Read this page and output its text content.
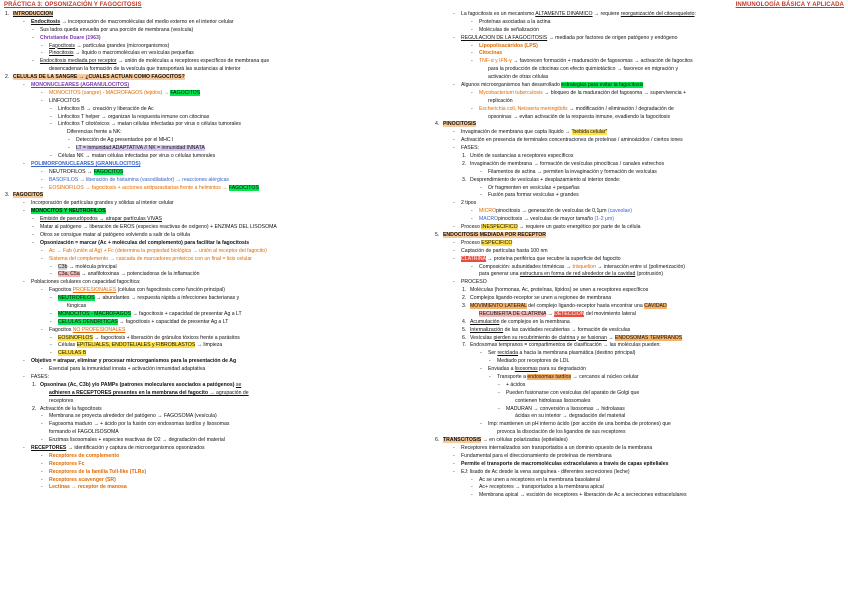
PRÁCTICA 3: OPSONIZACIÓN Y FAGOCITOSIS	INMUNOLOGÍA BÁSICA Y APLICADA
1. INTRODUCCIÓN
- Endocitosis → incorporación de macromoléculas del medio externo en el interior celular
- Sus lados queda envuelta por una porción de membrana (vesícula)
- Christiande Duare (1963)
- Fagocitosis → partículas grandes (microorganismos)
- Pinocitosis → líquido o macromoléculas en vesículas pequeñas
- Endocitosis mediada por receptor → unión de moléculas a receptores específicos de membrana que
desencadenan la formación de la vesícula que transportará las sustancias al interior
2. CÉLULAS DE LA SANGRE → ¿CUÁLES ACTÚAN COMO FAGOCITOS?
- MONONUCLEARES (AGRANULOCITOS)
- MONOCITOS (sangre) - MACRÓFAGOS (tejidos) → FAGOCITOS
- LINFOCITOS
- Linfocitos B → creación y liberación de Ac
- Linfocitos T helper → organizan la respuesta inmune con citocinas
- Linfocitos T citotóxicos → matan células infectadas por virus o células tumorales
Diferencias frente a NK:
- Detección de Ag presentados por el MHC I
- LT = inmunidad ADAPTATIVA // NK = inmunidad INNATA
- Células NK → matan células infectadas por virus o células tumorales
- POLIMORFONUCLEARES (GRANULOCITOS)
- NEUTRÓFILOS → FAGOCITOS
- BASÓFILOS → liberación de histamina (vasodilatador) → reacciones alérgicas
- EOSINÓFILOS → fagocitosis + acciones antiparasitarias frente a helmintos → FAGOCITOS
3. FAGOCITOS
- Incorporación de partículas grandes y sólidas al interior celular
- MONOCITOS Y NEUTRÓFILOS
- Emisión de pseudópodos → atrapar partículas VIVAS
- Matar al patógeno → liberación de EROS (especies reactivas de oxígeno) + ENZIMAS DEL LISOSOMA
- Otros se consigue matar al patógeno volviendo a salir de la célula
- Opsonización = marcar (Ac + moléculas del complemento) para facilitar la fagocitosis
- Ac → Fab (unión al Ag) + Fc (determina la propiedad biológica → unión al receptor del fagocito)
- Sistema del complemento → cascada de marcadores proteicos con un final = lisis celular
- C3b → molécula principal
- C3a, C5a → anafilotoxinas → potenciadoras de la inflamación
- Poblaciones celulares con capacidad fagocítica:
- Fagocitos PROFESIONALES (células con fagocitosis como función principal)
- NEUTRÓFILOS → abundantes → respuesta rápida a infecciones bacterianas y
fúngicas
- MONOCITOS - MACRÓFAGOS → fagocitosis + capacidad de presentar Ag a LT
- CÉLULAS DENDRÍTICAS → fagocitosis + capacidad de presentar Ag a LT
- Fagocitos NO PROFESIONALES
- EOSINÓFILOS → fagocitosis + liberación de gránulos tóxicos frente a parásitos
- Células EPITELIALES, ENDOTELIALES y FIBROBLASTOS → limpieza
- CÉLULAS B
- Objetivo = atrapar, eliminar y procesar microorganismos para la presentación de Ag
- Esencial para la inmunidad innata + activación inmunidad adaptativa
- FASES:
1. Opsoninas (Ac, C3b) y/o PAMPs (patrones moleculares asociados a patógenos) se
adhieren a RECEPTORES presentes en la membrana del fagocito → agrupación de
receptores
2. Activación de la fagocitosis
- Membrana se proyecta alrededor del patógeno → FAGOSOMA (vesícula)
- Fagosoma maduro → + ácido por la fusión con endosomas tardíos y lisosomas
formando el FAGOLISOSOMA
- Enzimas lisosomales + especies reactivas de O2 → degradación del material
- RECEPTORES → identificación y captura de microorganismos opsonizados
- Receptores de complemento
- Receptores Fc
- Receptores de la familia Toll-like (TLRs)
- Receptores scavenger (SR)
- Lectinas → receptor de manosa
- La fagocitosis es un mecanismo ALTAMENTE DINÁMICO → requiere reorganización del citoesqueleto:
- Proteínas asociadas a la actina
- Moléculas de señalización
- REGULACIÓN DE LA FAGOCITOSIS → mediada por factores de origen patógeno y endógeno
- Lipopolisacáridos (LPS)
- Citocinas
- TNF-α y IFN-γ → favorecen formación + maduración de fagosomas → activación de fagocitos
para la producción de citocinas con efecto quimiotáctico → favorece en migración y
activación de otras células
- Algunos microorganismos han desarrollado estrategias para evitar la fagocitosis
- Mycobacterium tuberculosis → bloqueo de la maduración del fagosoma → supervivencia +
replicación
- Escherichia coli, Neisseria meningitidis → modificación / eliminación / degradación de
opsoninas → evitan activación de la respuesta inmune, evadiendo la fagocitosis
4. PINOCITOSIS
- Invaginación de membrana que capta líquido → "bebida celular"
- Activación en presencia de terminales concentraciones de proteínas / aminoácidos / ciertos iones
- FASES:
1. Unión de sustancias a receptores específicos
2. Invaginación de membrana → formación de vesículas pinocíticas / canales estrechos
- Filamentos de actina → permiten la invaginación y formación de vesículas
3. Desprendimiento de vesículas + desplazamiento al interior donde:
- Or fragmenten en vesículas + pequeñas
- Fusión para formar vesículas + grandes
- 2 tipos
- MICROpinocitosis → generación de vesículas de 0,1μm (caveolae)
- MACROpinocitosis → vesículas de mayor tamaño (1-2 μm)
- Proceso INESPECÍFICO → requiere un gasto energético por parte de la célula
5. ENDOCITOSIS MEDIADA POR RECEPTOR
- Proceso ESPECÍFICO
- Captación de partículas hasta 100 nm
- CLATRINA → proteína periférica que recubre la superficie del fagocito
- Composición: subunidades triméricas → trisquelion → interacción entre sí (polimerización)
para generar una estructura en forma de red alrededor de la cavidad (protrusión)
- PROCESO
1. Moléculas (hormonas, Ac, proteínas, lípidos) se unen a receptores específicos
2. Complejos ligando-receptor se unen a regiones de membrana
3. MOVIMIENTO LATERAL del complejo ligando-receptor hasta encontrar una CAVIDAD
RECUBIERTA DE CLATRINA → DETECCIÓN del movimiento lateral
4. Acumulación de complejos en la membrana
5. Internalización de las cavidades recubiertas → formación de vesículas
6. Vesículas pierden su recubrimiento de clatrina y se fusionan → ENDOSOMAS TEMPRANOS
7. Endosomas tempranos = compartimentos de clasificación → las moléculas pueden:
- Ser reciclada a hacia la membrana plasmática (destino principal)
- Mediado por receptores de LDL
- Enviadas a lisosomas para su degradación
- Transporte a endosomas tardíos → cercanos al núcleo celular
- + ácidos
- Pueden fusionarse con vesículas del aparato de Golgi que
contienen hidrolasas lisosomales
- MADURAN → conversión a lisosomas → hidrolasas
ácidas en su interior → degradación del material
- Imp: mantienen un pH interno ácido (por acción de una bomba de protones) que
provoca la disociación de los ligandos de sus receptores
6. TRANSCITOSIS → en células polarizadas (epiteliales)
- Receptores internalizados son transportados a un dominio opuesto de la membrana
- Fundamental para el direccionamiento de proteínas de membrana
- Permite el transporte de macromoléculas extracelulares a través de capas epiteliales
- EJ: lisado de Ac desde la vena sanguínea - diferentes secreciones (leche)
- Ac se unen a receptores en la membrana basolateral
- Ac+ receptores → transportados a la membrana apical
- Membrana apical → escisión de receptores + liberación de Ac a secreciones extracelulares
